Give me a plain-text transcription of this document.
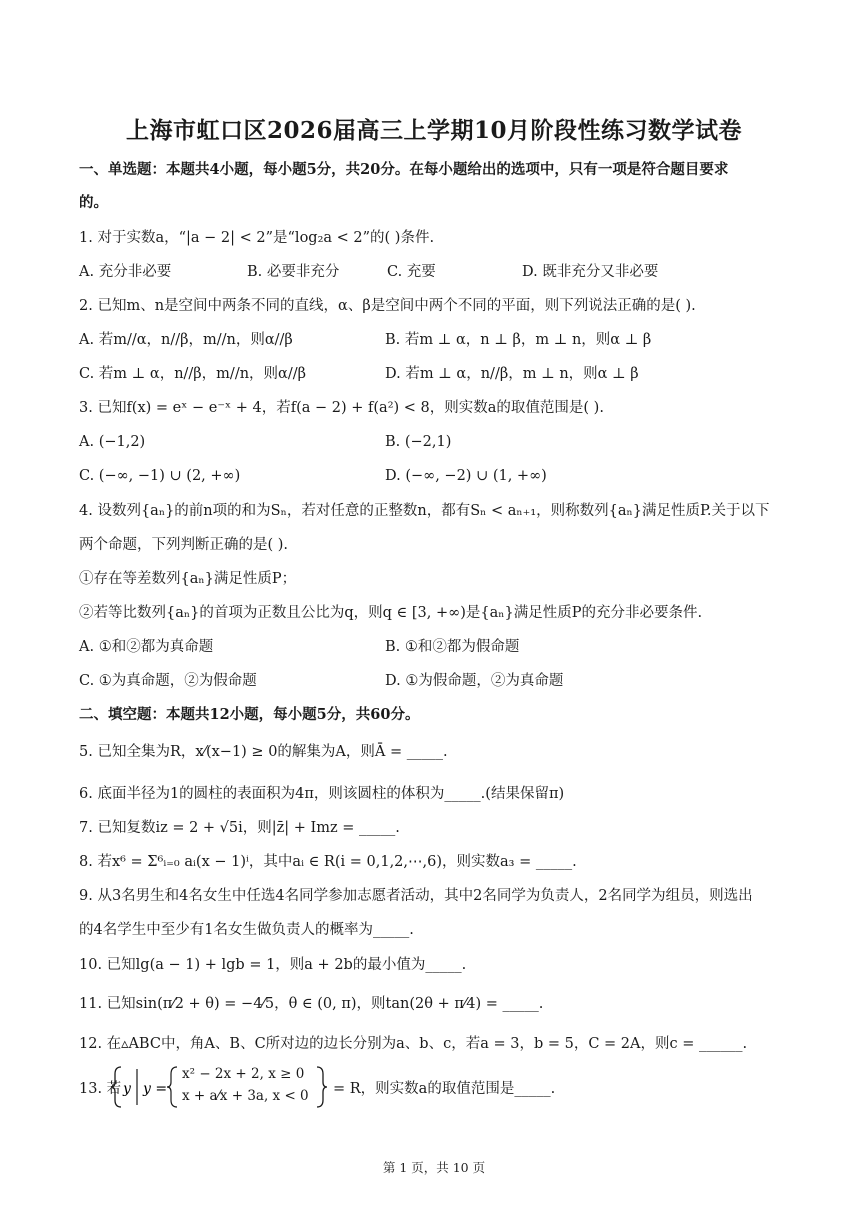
上海市虹口区2026届高三上学期10月阶段性练习数学试卷
一、单选题：本题共4小题，每小题5分，共20分。在每小题给出的选项中，只有一项是符合题目要求
的。
1. 对于实数a，“|a − 2| < 2”是“log₂a < 2”的( )条件.
A. 充分非必要	B. 必要非充分	C. 充要	D. 既非充分又非必要
2. 已知m、n是空间中两条不同的直线，α、β是空间中两个不同的平面，则下列说法正确的是( ).
A. 若m//α，n//β，m//n，则α//β	B. 若m ⊥ α，n ⊥ β，m ⊥ n，则α ⊥ β
C. 若m ⊥ α，n//β，m//n，则α//β	D. 若m ⊥ α，n//β，m ⊥ n，则α ⊥ β
3. 已知f(x) = eˣ − e⁻ˣ + 4，若f(a − 2) + f(a²) < 8，则实数a的取值范围是( ).
A. (−1,2)	B. (−2,1)
C. (−∞, −1) ∪ (2, +∞)	D. (−∞, −2) ∪ (1, +∞)
4. 设数列{aₙ}的前n项的和为Sₙ，若对任意的正整数n，都有Sₙ < aₙ₊₁，则称数列{aₙ}满足性质P.关于以下
两个命题，下列判断正确的是( ).
①存在等差数列{aₙ}满足性质P；
②若等比数列{aₙ}的首项为正数且公比为q，则q ∈ [3, +∞)是{aₙ}满足性质P的充分非必要条件.
A. ①和②都为真命题	B. ①和②都为假命题
C. ①为真命题，②为假命题	D. ①为假命题，②为真命题
二、填空题：本题共12小题，每小题5分，共60分。
5. 已知全集为R，x⁄(x−1) ≥ 0的解集为A，则Ā = _____.
6. 底面半径为1的圆柱的表面积为4π，则该圆柱的体积为_____.(结果保留π)
7. 已知复数iz = 2 + √5i，则|z̄| + Imz = _____.
8. 若x⁶ = Σ⁶ᵢ₌₀ aᵢ(x − 1)ⁱ，其中aᵢ ∈ R(i = 0,1,2,⋯,6)，则实数a₃ = _____.
9. 从3名男生和4名女生中任选4名同学参加志愿者活动，其中2名同学为负责人，2名同学为组员，则选出
的4名学生中至少有1名女生做负责人的概率为_____.
10. 已知lg(a − 1) + lgb = 1，则a + 2b的最小值为_____.
11. 已知sin(π⁄2 + θ) = −4⁄5，θ ∈ (0, π)，则tan(2θ + π⁄4) = _____.
12. 在▵ABC中，角A、B、C所对边的边长分别为a、b、c，若a = 3，b = 5，C = 2A，则c = ______.
13. 若 y y =
x² − 2x + 2, x ≥ 0
x + a⁄x + 3a, x < 0 = R，则实数a的取值范围是_____.
第 1 页，共 10 页
